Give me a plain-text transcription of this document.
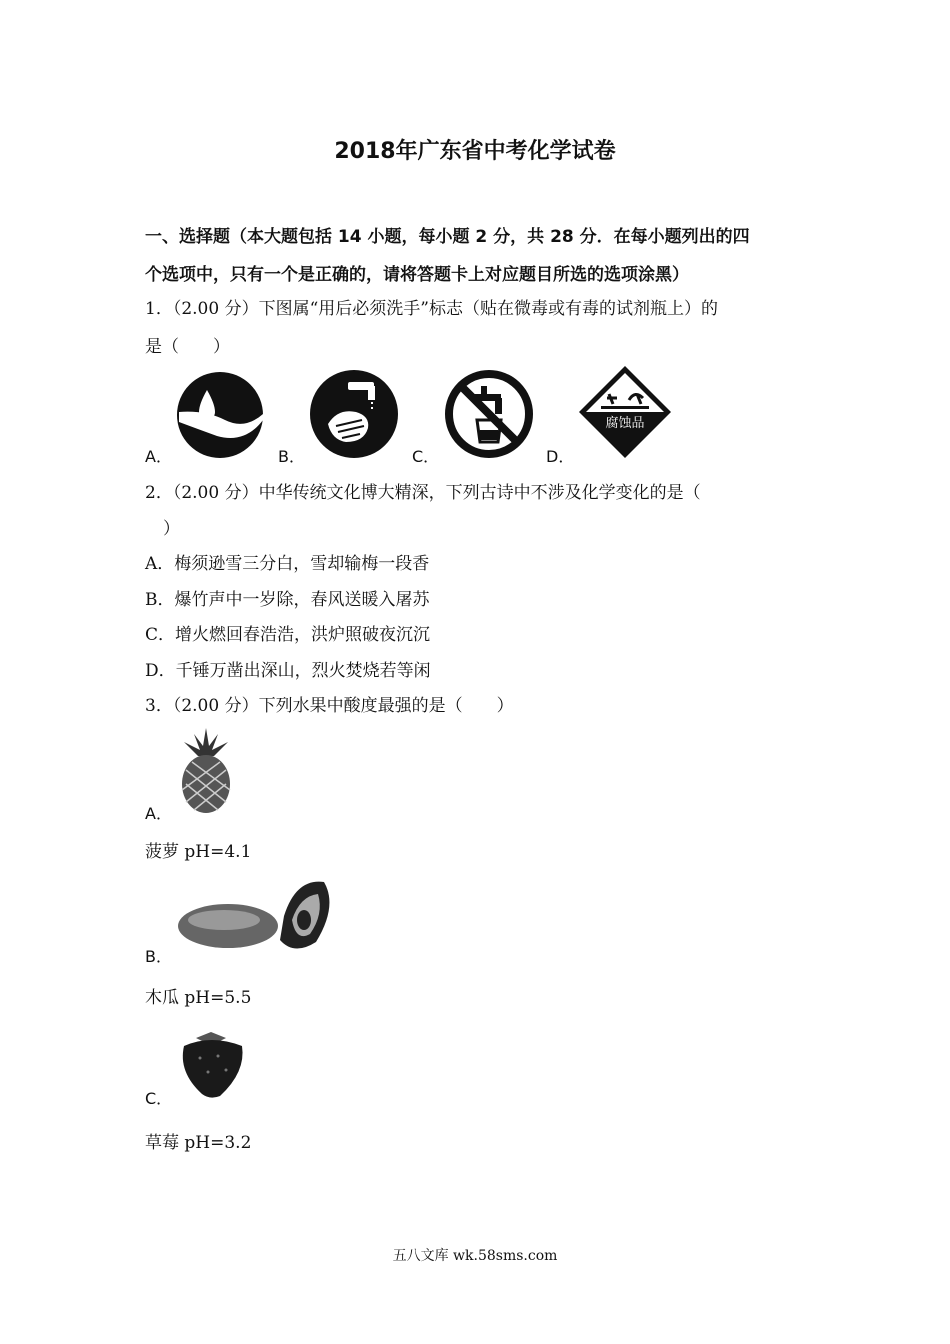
2018年广东省中考化学试卷
一、选择题（本大题包括 14 小题，每小题 2 分，共 28 分．在每小题列出的四
个选项中，只有一个是正确的，请将答题卡上对应题目所选的选项涂黑）
1．（2.00 分）下图属“用后必须洗手”标志（贴在微毒或有毒的试剂瓶上）的
是（　　）
A．	B．	C．	D．
腐蚀品
2．（2.00 分）中华传统文化博大精深，下列古诗中不涉及化学变化的是（
）
A．梅须逊雪三分白，雪却输梅一段香
B．爆竹声中一岁除，春风送暖入屠苏
C．增火燃回春浩浩，洪炉照破夜沉沉
D．千锤万凿出深山，烈火焚烧若等闲
3．（2.00 分）下列水果中酸度最强的是（　　）
A．
菠萝 pH=4.1
B．
木瓜 pH=5.5
C．
草莓 pH=3.2
五八文库 wk.58sms.com
